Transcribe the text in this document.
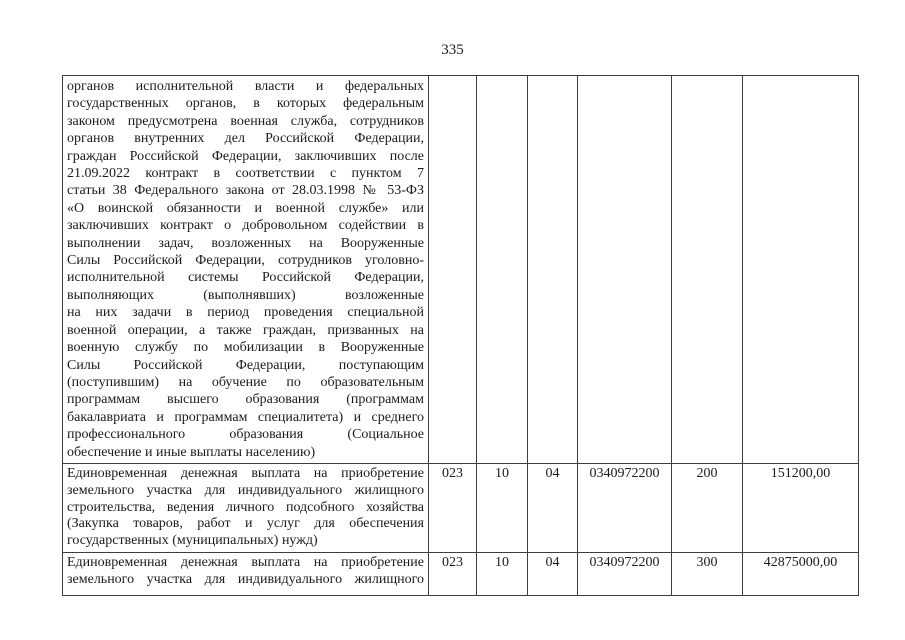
335
органов исполнительной власти и федеральных
государственных органов, в которых федеральным
законом предусмотрена военная служба, сотрудников
органов внутренних дел Российской Федерации,
граждан Российской Федерации, заключивших после
21.09.2022 контракт в соответствии с пунктом 7
статьи 38 Федерального закона от 28.03.1998 № 53-ФЗ
«О воинской обязанности и военной службе» или
заключивших контракт о добровольном содействии в
выполнении задач, возложенных на Вооруженные
Силы Российской Федерации, сотрудников уголовно-
исполнительной системы Российской Федерации,
выполняющих (выполнявших) возложенные
на них задачи в период проведения специальной
военной операции, а также граждан, призванных на
военную службу по мобилизации в Вооруженные
Силы Российской Федерации, поступающим
(поступившим) на обучение по образовательным
программам высшего образования (программам
бакалавриата и программам специалитета) и среднего
профессионального образования (Социальное
обеспечение и иные выплаты населению)

Единовременная денежная выплата на приобретение
земельного участка для индивидуального жилищного
строительства, ведения личного подсобного хозяйства
(Закупка товаров, работ и услуг для обеспечения
государственных (муниципальных) нужд)	023	10	04	0340972200	200	151200,00

Единовременная денежная выплата на приобретение
земельного участка для индивидуального жилищного	023	10	04	0340972200	300	42875000,00
